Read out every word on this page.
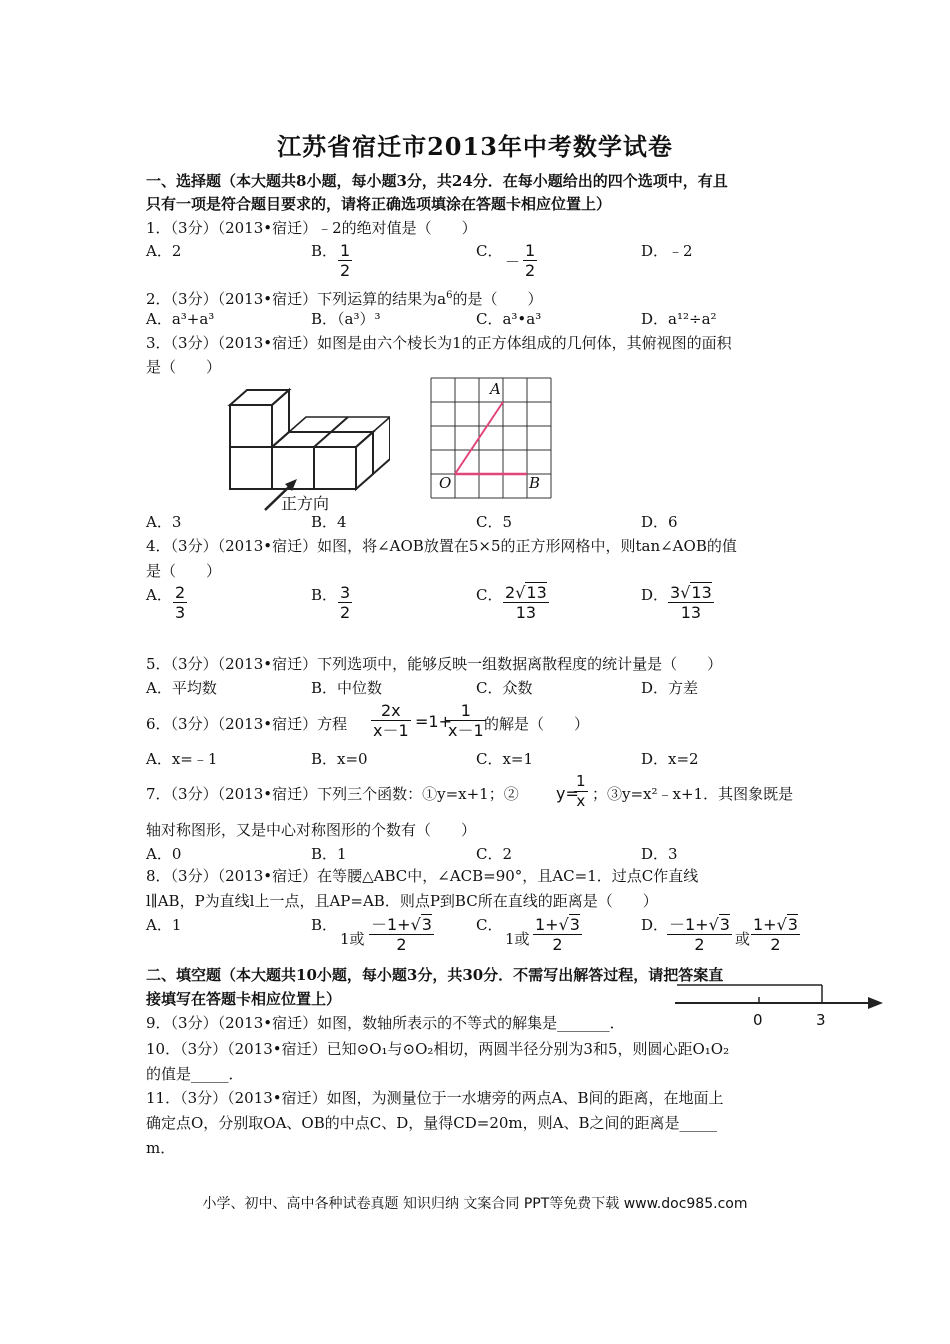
江苏省宿迁市2013年中考数学试卷
一、选择题（本大题共8小题，每小题3分，共24分．在每小题给出的四个选项中，有且
只有一项是符合题目要求的，请将正确选项填涂在答题卡相应位置上）
1．（3分）（2013•宿迁）﹣2的绝对值是（　　）
A．2	B． $\frac{1}{2}$	C．
－ $\frac{1}{2}$	D．﹣2
2．（3分）（2013•宿迁）下列运算的结果为$a^6$的是（　　）
A．a³+a³	B．（a³）³	C．a³•a³	D．a¹²÷a²
3．（3分）（2013•宿迁）如图是由六个棱长为1的正方体组成的几何体，其俯视图的面积
是（　　）
正方向
A
O	B
A．3	B．4	C．5	D．6
4．（3分）（2013•宿迁）如图，将∠AOB放置在5×5的正方形网格中，则tan∠AOB的值
是（　　）
A． $\frac{2}{3}$	B． $\frac{3}{2}$	C． $\frac{2√13}{13}$	D． $\frac{3√13}{13}$
5．（3分）（2013•宿迁）下列选项中，能够反映一组数据离散程度的统计量是（　　）
A．平均数	B．中位数	C．众数	D．方差
6．（3分）（2013•宿迁）方程 $\frac{2x}{x-1} =1+$
$\frac{1}{x-1}$
的解是（　　）
A．x=﹣1	B．x=0	C．x=1	D．x=2
7．（3分）（2013•宿迁）下列三个函数：①y=x+1；② y=
$\frac{1}{x}$ ；③y=x²﹣x+1．其图象既是
轴对称图形，又是中心对称图形的个数有（　　）
A．0	B．1	C．2	D．3
8．（3分）（2013•宿迁）在等腰△ABC中，∠ACB=90°，且AC=1．过点C作直线
l∥AB，P为直线l上一点，且AP=AB．则点P到BC所在直线的距离是（　　）
A．1	B．
1或 $\frac{-1+√3}{2}$	C．
1或 $\frac{1+√3}{2}$	D．
$\frac{-1+√3}{2}$ 或 $\frac{1+√3}{2}$
二、填空题（本大题共10小题，每小题3分，共30分．不需写出解答过程，请把答案直
接填写在答题卡相应位置上）
9．（3分）（2013•宿迁）如图，数轴所表示的不等式的解集是_______．	0	3
10．（3分）（2013•宿迁）已知⊙O₁与⊙O₂相切，两圆半径分别为3和5，则圆心距O₁O₂
的值是_____．
11．（3分）（2013•宿迁）如图，为测量位于一水塘旁的两点A、B间的距离，在地面上
确定点O，分别取OA、OB的中点C、D，量得CD=20m，则A、B之间的距离是_____
m．
小学、初中、高中各种试卷真题 知识归纳 文案合同 PPT等免费下载 www.doc985.com
